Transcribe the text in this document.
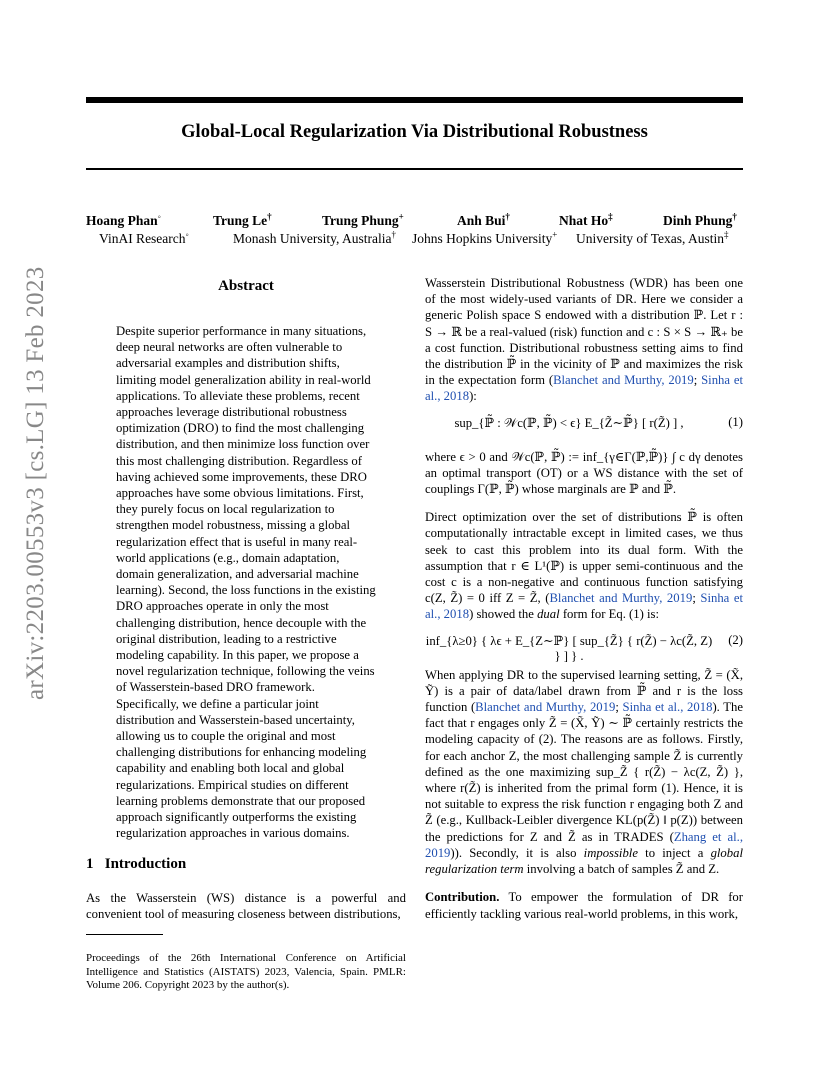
Global-Local Regularization Via Distributional Robustness
Hoang Phan◦	Trung Le†	Trung Phung+	Anh Bui†	Nhat Ho‡	Dinh Phung†
VinAI Research◦	Monash University, Australia† Johns Hopkins University+ University of Texas, Austin‡
arXiv:2203.00553v3 [cs.LG] 13 Feb 2023	Abstract
Despite superior performance in many situations, deep neural networks are often vulnerable to adversarial examples and distribution shifts, limiting model generalization ability in real-world applications. To alleviate these problems, recent approaches leverage distributional robustness optimization (DRO) to find the most challenging distribution, and then minimize loss function over this most challenging distribution. Regardless of having achieved some improvements, these DRO approaches have some obvious limitations. First, they purely focus on local regularization to strengthen model robustness, missing a global regularization effect that is useful in many real-world applications (e.g., domain adaptation, domain generalization, and adversarial machine learning). Second, the loss functions in the existing DRO approaches operate in only the most challenging distribution, hence decouple with the original distribution, leading to a restrictive modeling capability. In this paper, we propose a novel regularization technique, following the veins of Wasserstein-based DRO framework. Specifically, we define a particular joint distribution and Wasserstein-based uncertainty, allowing us to couple the original and most challenging distributions for enhancing modeling capability and enabling both local and global regularizations. Empirical studies on different learning problems demonstrate that our proposed approach significantly outperforms the existing regularization approaches in various domains.
1 Introduction
As the Wasserstein (WS) distance is a powerful and convenient tool of measuring closeness between distributions,
Proceedings of the 26th International Conference on Artificial Intelligence and Statistics (AISTATS) 2023, Valencia, Spain. PMLR: Volume 206. Copyright 2023 by the author(s).

Wasserstein Distributional Robustness (WDR) has been one of the most widely-used variants of DR. Here we consider a generic Polish space S endowed with a distribution ℙ. Let r : S → ℝ be a real-valued (risk) function and c : S × S → ℝ₊ be a cost function. Distributional robustness setting aims to find the distribution ℙ̃ in the vicinity of ℙ and maximizes the risk in the expectation form (Blanchet and Murthy, 2019; Sinha et al., 2018):

sup_{ℙ̃ : 𝒲c(ℙ, ℙ̃) < ϵ} E_{Z̃∼ℙ̃} [ r(Z̃) ] ,	(1)

where ϵ > 0 and 𝒲c(ℙ, ℙ̃) := inf_{γ∈Γ(ℙ,ℙ̃)} ∫ c dγ denotes an optimal transport (OT) or a WS distance with the set of couplings Γ(ℙ, ℙ̃) whose marginals are ℙ and ℙ̃.

Direct optimization over the set of distributions ℙ̃ is often computationally intractable except in limited cases, we thus seek to cast this problem into its dual form. With the assumption that r ∈ L¹(ℙ) is upper semi-continuous and the cost c is a non-negative and continuous function satisfying c(Z, Z̃) = 0 iff Z = Z̃, (Blanchet and Murthy, 2019; Sinha et al., 2018) showed the dual form for Eq. (1) is:

inf_{λ≥0} { λϵ + E_{Z∼ℙ} [ sup_{Z̃} { r(Z̃) − λc(Z̃, Z) } ] } .
(2)

When applying DR to the supervised learning setting, Z̃ = (X̃, Ỹ) is a pair of data/label drawn from ℙ̃ and r is the loss function (Blanchet and Murthy, 2019; Sinha et al., 2018). The fact that r engages only Z̃ = (X̃, Ỹ) ∼ ℙ̃ certainly restricts the modeling capacity of (2). The reasons are as follows. Firstly, for each anchor Z, the most challenging sample Z̃ is currently defined as the one maximizing sup_Z̃ { r(Z̃) − λc(Z, Z̃) }, where r(Z̃) is inherited from the primal form (1). Hence, it is not suitable to express the risk function r engaging both Z and Z̃ (e.g., Kullback-Leibler divergence KL(p(Z̃) ‖ p(Z)) between the predictions for Z and Z̃ as in TRADES (Zhang et al., 2019)). Secondly, it is also impossible to inject a global regularization term involving a batch of samples Z̃ and Z.

Contribution. To empower the formulation of DR for efficiently tackling various real-world problems, in this work,
